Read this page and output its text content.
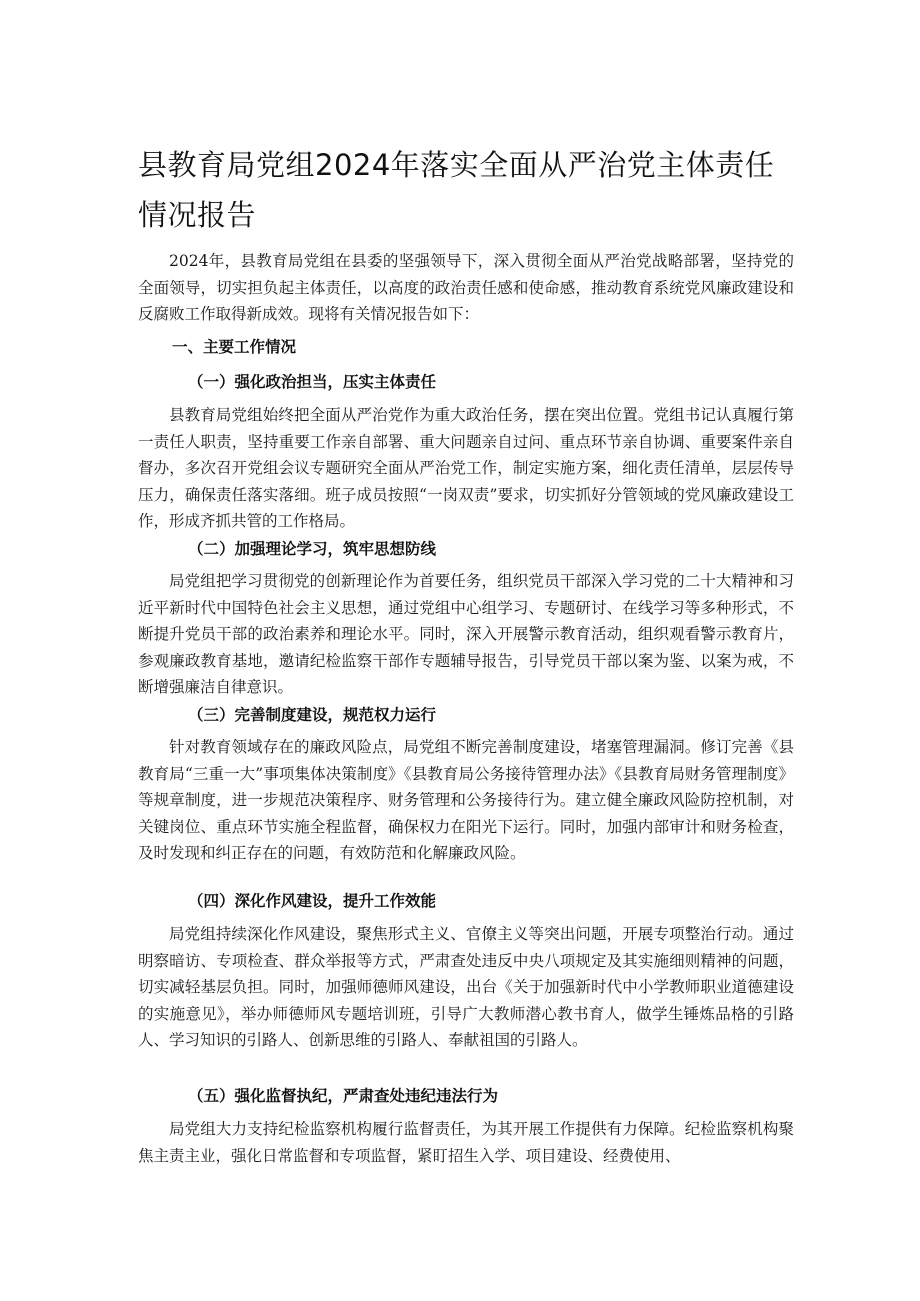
县教育局党组2024年落实全面从严治党主体责任情况报告

2024年，县教育局党组在县委的坚强领导下，深入贯彻全面从严治党战略部署，坚持党的全面领导，切实担负起主体责任，以高度的政治责任感和使命感，推动教育系统党风廉政建设和反腐败工作取得新成效。现将有关情况报告如下：

一、主要工作情况

（一）强化政治担当，压实主体责任

县教育局党组始终把全面从严治党作为重大政治任务，摆在突出位置。党组书记认真履行第一责任人职责，坚持重要工作亲自部署、重大问题亲自过问、重点环节亲自协调、重要案件亲自督办，多次召开党组会议专题研究全面从严治党工作，制定实施方案，细化责任清单，层层传导压力，确保责任落实落细。班子成员按照“一岗双责”要求，切实抓好分管领域的党风廉政建设工作，形成齐抓共管的工作格局。

（二）加强理论学习，筑牢思想防线

局党组把学习贯彻党的创新理论作为首要任务，组织党员干部深入学习党的二十大精神和习近平新时代中国特色社会主义思想，通过党组中心组学习、专题研讨、在线学习等多种形式，不断提升党员干部的政治素养和理论水平。同时，深入开展警示教育活动，组织观看警示教育片，参观廉政教育基地，邀请纪检监察干部作专题辅导报告，引导党员干部以案为鉴、以案为戒，不断增强廉洁自律意识。

（三）完善制度建设，规范权力运行

针对教育领域存在的廉政风险点，局党组不断完善制度建设，堵塞管理漏洞。修订完善《县教育局“三重一大”事项集体决策制度》《县教育局公务接待管理办法》《县教育局财务管理制度》等规章制度，进一步规范决策程序、财务管理和公务接待行为。建立健全廉政风险防控机制，对关键岗位、重点环节实施全程监督，确保权力在阳光下运行。同时，加强内部审计和财务检查，及时发现和纠正存在的问题，有效防范和化解廉政风险。

（四）深化作风建设，提升工作效能

局党组持续深化作风建设，聚焦形式主义、官僚主义等突出问题，开展专项整治行动。通过明察暗访、专项检查、群众举报等方式，严肃查处违反中央八项规定及其实施细则精神的问题，切实减轻基层负担。同时，加强师德师风建设，出台《关于加强新时代中小学教师职业道德建设的实施意见》，举办师德师风专题培训班，引导广大教师潜心教书育人，做学生锤炼品格的引路人、学习知识的引路人、创新思维的引路人、奉献祖国的引路人。

（五）强化监督执纪，严肃查处违纪违法行为

局党组大力支持纪检监察机构履行监督责任，为其开展工作提供有力保障。纪检监察机构聚焦主责主业，强化日常监督和专项监督，紧盯招生入学、项目建设、经费使用、
